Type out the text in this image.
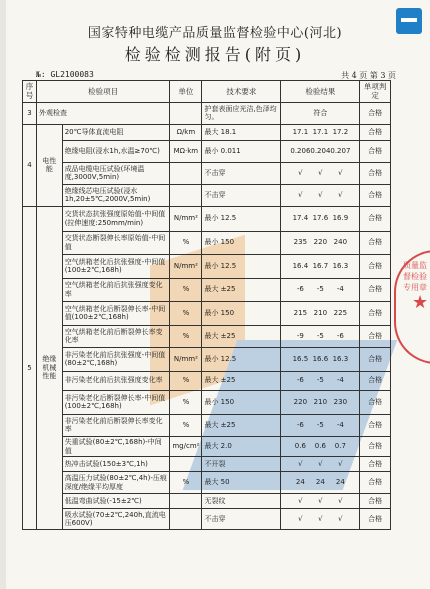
国家特种电缆产品质量监督检验中心(河北)
检验检测报告(附页)
№: GL2100083	共 4 页 第 3 页
序号	检验项目		单位	技术要求	检验结果	单项判定
3	外观检查			护套表面应光洁,色泽均匀。	符合	合格
4	电性能	20℃导体直流电阻	Ω/km	最大 18.1	17.1 17.1 17.2	合格
		绝缘电阻(浸水1h,水温≥70℃)	MΩ·km	最小 0.011	0.2060.2040.207	合格
		成品电缆电压试验(环境温度,3000V,5min)		不击穿	√ √ √	合格
		绝缘线芯电压试验(浸水1h,20±5℃,2000V,5min)		不击穿	√ √ √	合格
5	绝缘机械性能	交货状态抗张强度原始值-中间值(拉伸速度:250mm/min)	N/mm²	最小 12.5	17.4 17.6 16.9	合格
		交货状态断裂伸长率原始值-中间值	%	最小 150	235 220 240	合格
		空气烘箱老化后抗张强度-中间值(100±2℃,168h)	N/mm²	最小 12.5	16.4 16.7 16.3	合格
		空气烘箱老化前后抗张强度变化率	%	最大 ±25	-6 -5 -4	合格
		空气烘箱老化后断裂伸长率-中间值(100±2℃,168h)	%	最小 150	215 210 225	合格
		空气烘箱老化前后断裂伸长率变化率	%	最大 ±25	-9 -5 -6	合格
		非污染老化前后抗张强度-中间值(80±2℃,168h)	N/mm²	最小 12.5	16.5 16.6 16.3	合格
		非污染老化前后抗张强度变化率	%	最大 ±25	-6 -5 -4	合格
		非污染老化后断裂伸长率-中间值(100±2℃,168h)	%	最小 150	220 210 230	合格
		非污染老化前后断裂伸长率变化率	%	最大 ±25	-6 -5 -4	合格
		失重试验(80±2℃,168h)-中间值	mg/cm²	最大 2.0	0.6 0.6 0.7	合格
		热冲击试验(150±3℃,1h)		不开裂	√ √ √	合格
		高温压力试验(80±2℃,4h)-压痕深度/绝缘平均厚度	%	最大 50	24 24 24	合格
		低温弯曲试验(-15±2℃)		无裂纹	√ √ √	合格
		吸水试验(70±2℃,240h,直流电压600V)		不击穿	√ √ √	合格
质量监督检验专用章
★
